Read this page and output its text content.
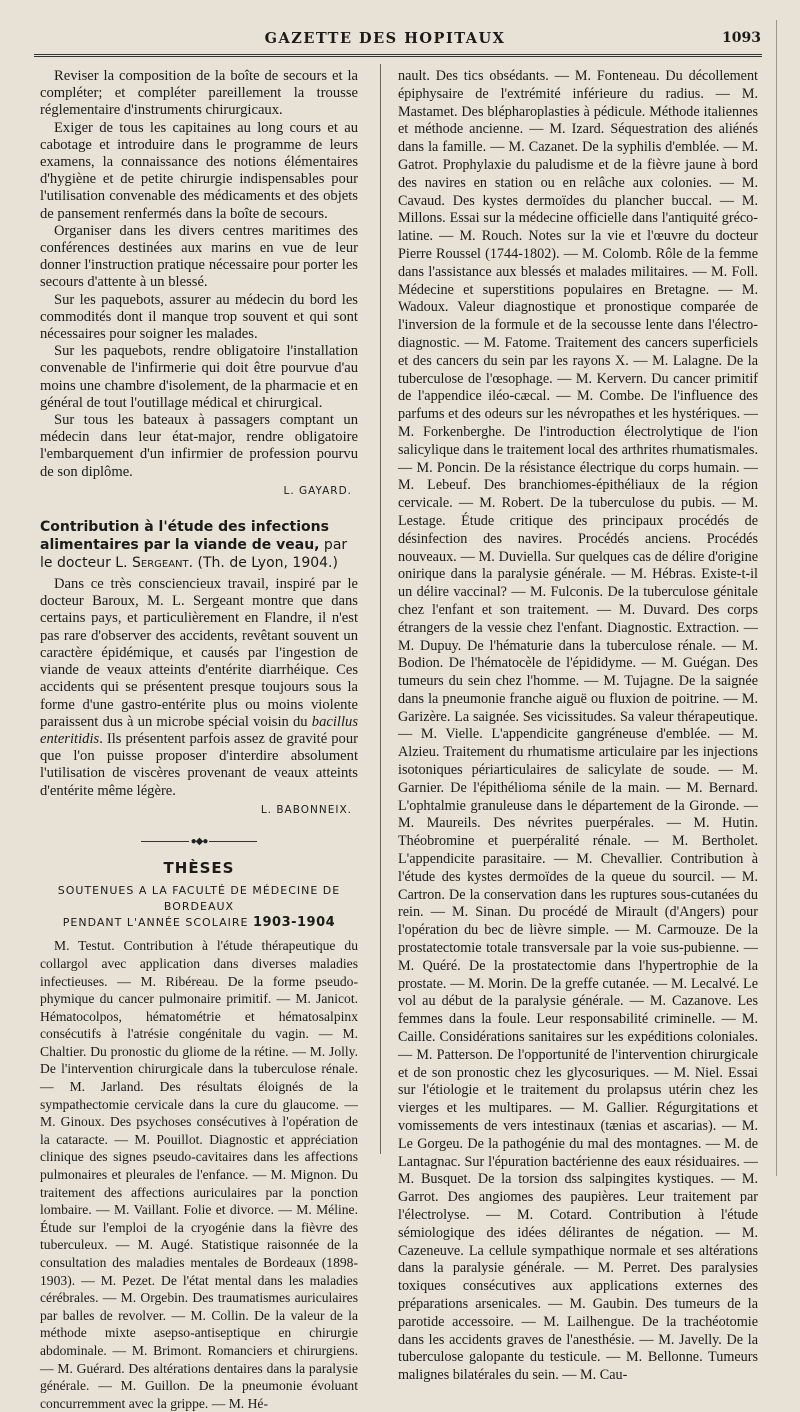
GAZETTE DES HOPITAUX	1093

Reviser la composition de la boîte de secours et la compléter; et compléter pareillement la trousse réglementaire d'instruments chirurgicaux.

Exiger de tous les capitaines au long cours et au cabotage et introduire dans le programme de leurs examens, la connaissance des notions élémentaires d'hygiène et de petite chirurgie indispensables pour l'utilisation convenable des médicaments et des objets de pansement renfermés dans la boîte de secours.

Organiser dans les divers centres maritimes des conférences destinées aux marins en vue de leur donner l'instruction pratique nécessaire pour porter les secours d'attente à un blessé.

Sur les paquebots, assurer au médecin du bord les commodités dont il manque trop souvent et qui sont nécessaires pour soigner les malades.

Sur les paquebots, rendre obligatoire l'installation convenable de l'infirmerie qui doit être pourvue d'au moins une chambre d'isolement, de la pharmacie et en général de tout l'outillage médical et chirurgical.

Sur tous les bateaux à passagers comptant un médecin dans leur état-major, rendre obligatoire l'embarquement d'un infirmier de profession pourvu de son diplôme.

L. GAYARD.
Contribution à l'étude des infections alimentaires par la viande de veau, par le docteur L. Sergeant. (Th. de Lyon, 1904.)

Dans ce très consciencieux travail, inspiré par le docteur Baroux, M. L. Sergeant montre que dans certains pays, et particulièrement en Flandre, il n'est pas rare d'observer des accidents, revêtant souvent un caractère épidémique, et causés par l'ingestion de viande de veaux atteints d'entérite diarrhéique. Ces accidents qui se présentent presque toujours sous la forme d'une gastro-entérite plus ou moins violente paraissent dus à un microbe spécial voisin du bacillus enteritidis. Ils présentent parfois assez de gravité pour que l'on puisse proposer d'interdire absolument l'utilisation de viscères provenant de veaux atteints d'entérite même légère.

L. BABONNEIX.
●◆●
THÈSES
SOUTENUES A LA FACULTÉ DE MÉDECINE DE BORDEAUX
PENDANT L'ANNÉE SCOLAIRE 1903-1904

M. Testut. Contribution à l'étude thérapeutique du collargol avec application dans diverses maladies infectieuses. — M. Ribéreau. De la forme pseudo-phymique du cancer pulmonaire primitif. — M. Janicot. Hématocolpos, hématométrie et hématosalpinx consécutifs à l'atrésie congénitale du vagin. — M. Chaltier. Du pronostic du gliome de la rétine. — M. Jolly. De l'intervention chirurgicale dans la tuberculose rénale. — M. Jarland. Des résultats éloignés de la sympathectomie cervicale dans la cure du glaucome. — M. Ginoux. Des psychoses consécutives à l'opération de la cataracte. — M. Pouillot. Diagnostic et appréciation clinique des signes pseudo-cavitaires dans les affections pulmonaires et pleurales de l'enfance. — M. Mignon. Du traitement des affections auriculaires par la ponction lombaire. — M. Vaillant. Folie et divorce. — M. Méline. Étude sur l'emploi de la cryogénie dans la fièvre des tuberculeux. — M. Augé. Statistique raisonnée de la consultation des maladies mentales de Bordeaux (1898-1903). — M. Pezet. De l'état mental dans les maladies cérébrales. — M. Orgebin. Des traumatismes auriculaires par balles de revolver. — M. Collin. De la valeur de la méthode mixte asepso-antiseptique en chirurgie abdominale. — M. Brimont. Romanciers et chirurgiens. — M. Guérard. Des altérations dentaires dans la paralysie générale. — M. Guillon. De la pneumonie évoluant concurremment avec la grippe. — M. Hé-

nault. Des tics obsédants. — M. Fonteneau. Du décollement épiphysaire de l'extrémité inférieure du radius. — M. Mastamet. Des blépharoplasties à pédicule. Méthode italiennes et méthode ancienne. — M. Izard. Séquestration des aliénés dans la famille. — M. Cazanet. De la syphilis d'emblée. — M. Gatrot. Prophylaxie du paludisme et de la fièvre jaune à bord des navires en station ou en relâche aux colonies. — M. Cavaud. Des kystes dermoïdes du plancher buccal. — M. Millons. Essai sur la médecine officielle dans l'antiquité gréco-latine. — M. Rouch. Notes sur la vie et l'œuvre du docteur Pierre Roussel (1744-1802). — M. Colomb. Rôle de la femme dans l'assistance aux blessés et malades militaires. — M. Foll. Médecine et superstitions populaires en Bretagne. — M. Wadoux. Valeur diagnostique et pronostique comparée de l'inversion de la formule et de la secousse lente dans l'électro-diagnostic. — M. Fatome. Traitement des cancers superficiels et des cancers du sein par les rayons X. — M. Lalagne. De la tuberculose de l'œsophage. — M. Kervern. Du cancer primitif de l'appendice iléo-cæcal. — M. Combe. De l'influence des parfums et des odeurs sur les névropathes et les hystériques. — M. Forkenberghe. De l'introduction électrolytique de l'ion salicylique dans le traitement local des arthrites rhumatismales. — M. Poncin. De la résistance électrique du corps humain. — M. Lebeuf. Des branchiomes-épithéliaux de la région cervicale. — M. Robert. De la tuberculose du pubis. — M. Lestage. Étude critique des principaux procédés de désinfection des navires. Procédés anciens. Procédés nouveaux. — M. Duviella. Sur quelques cas de délire d'origine onirique dans la paralysie générale. — M. Hébras. Existe-t-il un délire vaccinal? — M. Fulconis. De la tuberculose génitale chez l'enfant et son traitement. — M. Duvard. Des corps étrangers de la vessie chez l'enfant. Diagnostic. Extraction. — M. Dupuy. De l'hématurie dans la tuberculose rénale. — M. Bodion. De l'hématocèle de l'épididyme. — M. Guégan. Des tumeurs du sein chez l'homme. — M. Tujagne. De la saignée dans la pneumonie franche aiguë ou fluxion de poitrine. — M. Garizère. La saignée. Ses vicissitudes. Sa valeur thérapeutique. — M. Vielle. L'appendicite gangréneuse d'emblée. — M. Alzieu. Traitement du rhumatisme articulaire par les injections isotoniques périarticulaires de salicylate de soude. — M. Garnier. De l'épithélioma sénile de la main. — M. Bernard. L'ophtalmie granuleuse dans le département de la Gironde. — M. Maureils. Des névrites puerpérales. — M. Hutin. Théobromine et puerpéralité rénale. — M. Bertholet. L'appendicite parasitaire. — M. Chevallier. Contribution à l'étude des kystes dermoïdes de la queue du sourcil. — M. Cartron. De la conservation dans les ruptures sous-cutanées du rein. — M. Sinan. Du procédé de Mirault (d'Angers) pour l'opération du bec de lièvre simple. — M. Carmouze. De la prostatectomie totale transversale par la voie sus-pubienne. — M. Quéré. De la prostatectomie dans l'hypertrophie de la prostate. — M. Morin. De la greffe cutanée. — M. Lecalvé. Le vol au début de la paralysie générale. — M. Cazanove. Les femmes dans la foule. Leur responsabilité criminelle. — M. Caille. Considérations sanitaires sur les expéditions coloniales. — M. Patterson. De l'opportunité de l'intervention chirurgicale et de son pronostic chez les glycosuriques. — M. Niel. Essai sur l'étiologie et le traitement du prolapsus utérin chez les vierges et les multipares. — M. Gallier. Régurgitations et vomissements de vers intestinaux (tænias et ascarias). — M. Le Gorgeu. De la pathogénie du mal des montagnes. — M. de Lantagnac. Sur l'épuration bactérienne des eaux résiduaires. — M. Busquet. De la torsion dss salpingites kystiques. — M. Garrot. Des angiomes des paupières. Leur traitement par l'électrolyse. — M. Cotard. Contribution à l'étude sémiologique des idées délirantes de négation. — M. Cazeneuve. La cellule sympathique normale et ses altérations dans la paralysie générale. — M. Perret. Des paralysies toxiques consécutives aux applications externes des préparations arsenicales. — M. Gaubin. Des tumeurs de la parotide accessoire. — M. Lailhengue. De la trachéotomie dans les accidents graves de l'anesthésie. — M. Javelly. De la tuberculose galopante du testicule. — M. Bellonne. Tumeurs malignes bilatérales du sein. — M. Cau-
